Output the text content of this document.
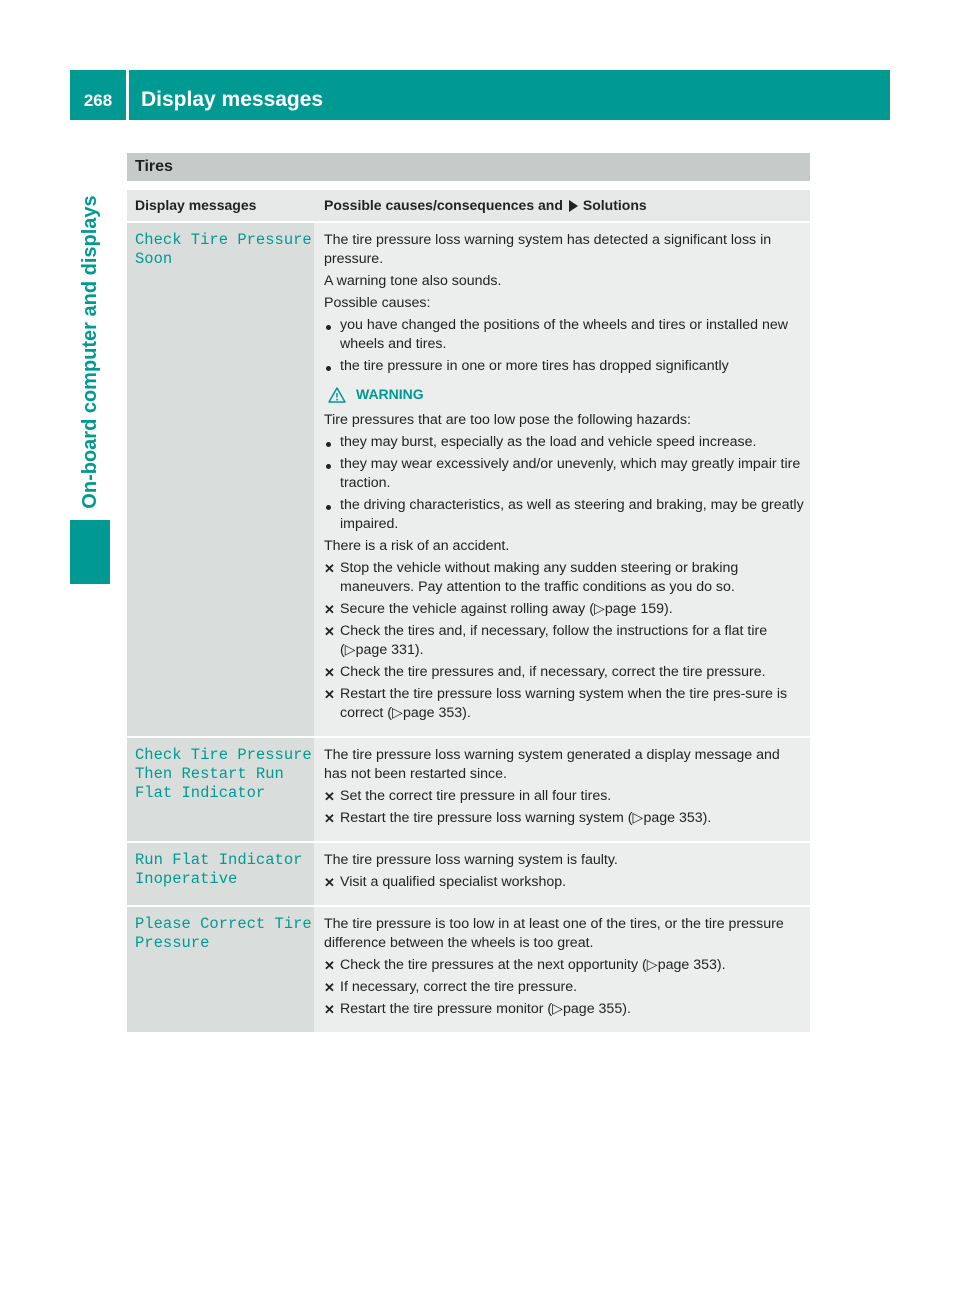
268	Display messages
On-board computer and displays
Tires
Display messages	Possible causes/consequences and Solutions
Check Tire Pressure
Soon

The tire pressure loss warning system has detected a significant loss in pressure.

A warning tone also sounds.

Possible causes:

you have changed the positions of the wheels and tires or installed new wheels and tires.
the tire pressure in one or more tires has dropped significantly
WARNING

Tire pressures that are too low pose the following hazards:

they may burst, especially as the load and vehicle speed increase.
they may wear excessively and/or unevenly, which may greatly impair tire traction.
the driving characteristics, as well as steering and braking, may be greatly impaired.

There is a risk of an accident.

✕ Stop the vehicle without making any sudden steering or braking maneuvers. Pay attention to the traffic conditions as you do so.
✕ Secure the vehicle against rolling away (▷page 159).
✕ Check the tires and, if necessary, follow the instructions for a flat tire (▷page 331).
✕ Check the tire pressures and, if necessary, correct the tire pressure.
✕ Restart the tire pressure loss warning system when the tire pres-sure is correct (▷page 353).
Check Tire Pressure
Then Restart Run
Flat Indicator

The tire pressure loss warning system generated a display message and has not been restarted since.

✕ Set the correct tire pressure in all four tires.
✕ Restart the tire pressure loss warning system (▷page 353).
Run Flat Indicator
Inoperative

The tire pressure loss warning system is faulty.

✕ Visit a qualified specialist workshop.
Please Correct Tire
Pressure

The tire pressure is too low in at least one of the tires, or the tire pressure difference between the wheels is too great.

✕ Check the tire pressures at the next opportunity (▷page 353).
✕ If necessary, correct the tire pressure.
✕ Restart the tire pressure monitor (▷page 355).
